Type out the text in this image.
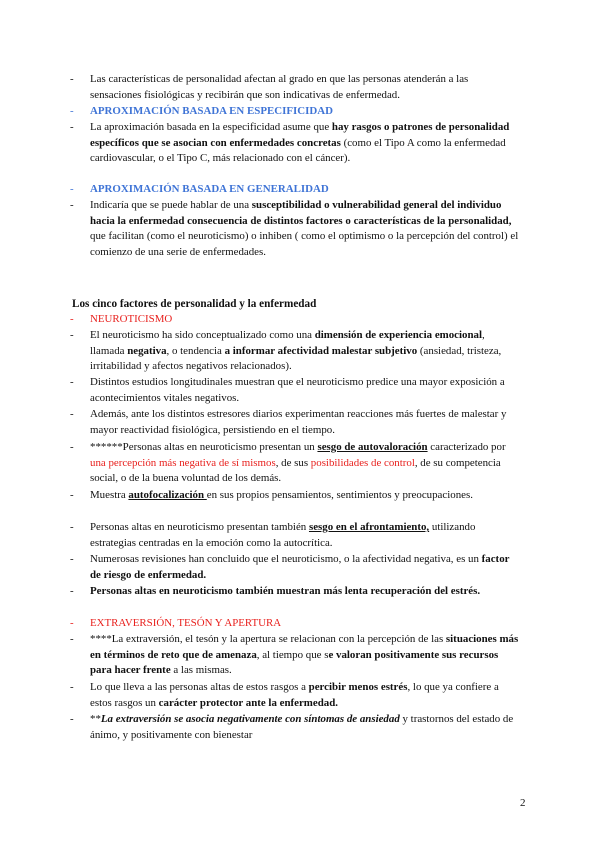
-	Las características de personalidad afectan al grado en que las personas atenderán a las sensaciones fisiológicas y recibirán que son indicativas de enfermedad.
-	APROXIMACIÓN BASADA EN ESPECIFICIDAD
-	La aproximación basada en la especificidad asume que hay rasgos o patrones de personalidad específicos que se asocian con enfermedades concretas (como el Tipo A como la enfermedad cardiovascular, o el Tipo C, más relacionado con el cáncer).
-	APROXIMACIÓN BASADA EN GENERALIDAD
-	Indicaría que se puede hablar de una susceptibilidad o vulnerabilidad general del individuo hacia la enfermedad consecuencia de distintos factores o características de la personalidad, que facilitan (como el neuroticismo) o inhiben ( como el optimismo o la percepción del control) el comienzo de una serie de enfermedades.
Los cinco factores de personalidad y la enfermedad
-	NEUROTICISMO
-	El neuroticismo ha sido conceptualizado como una dimensión de experiencia emocional, llamada negativa, o tendencia a informar afectividad malestar subjetivo (ansiedad, tristeza, irritabilidad y afectos negativos relacionados).
-	Distintos estudios longitudinales muestran que el neuroticismo predice una mayor exposición a acontecimientos vitales negativos.
-	Además, ante los distintos estresores diarios experimentan reacciones más fuertes de malestar y mayor reactividad fisiológica, persistiendo en el tiempo.
-	******Personas altas en neuroticismo presentan un sesgo de autovaloración caracterizado por una percepción más negativa de sí mismos, de sus posibilidades de control, de su competencia social, o de la buena voluntad de los demás.
-	Muestra autofocalización en sus propios pensamientos, sentimientos y preocupaciones.
-	Personas altas en neuroticismo presentan también sesgo en el afrontamiento, utilizando estrategias centradas en la emoción como la autocrítica.
-	Numerosas revisiones han concluido que el neuroticismo, o la afectividad negativa, es un factor de riesgo de enfermedad.
-	Personas altas en neuroticismo también muestran más lenta recuperación del estrés.
-	EXTRAVERSIÓN, TESÓN Y APERTURA
-	****La extraversión, el tesón y la apertura se relacionan con la percepción de las situaciones más en términos de reto que de amenaza, al tiempo que se valoran positivamente sus recursos para hacer frente a las mismas.
-	Lo que lleva a las personas altas de estos rasgos a percibir menos estrés, lo que ya confiere a estos rasgos un carácter protector ante la enfermedad.
-	**La extraversión se asocia negativamente con síntomas de ansiedad y trastornos del estado de ánimo, y positivamente con bienestar
2
